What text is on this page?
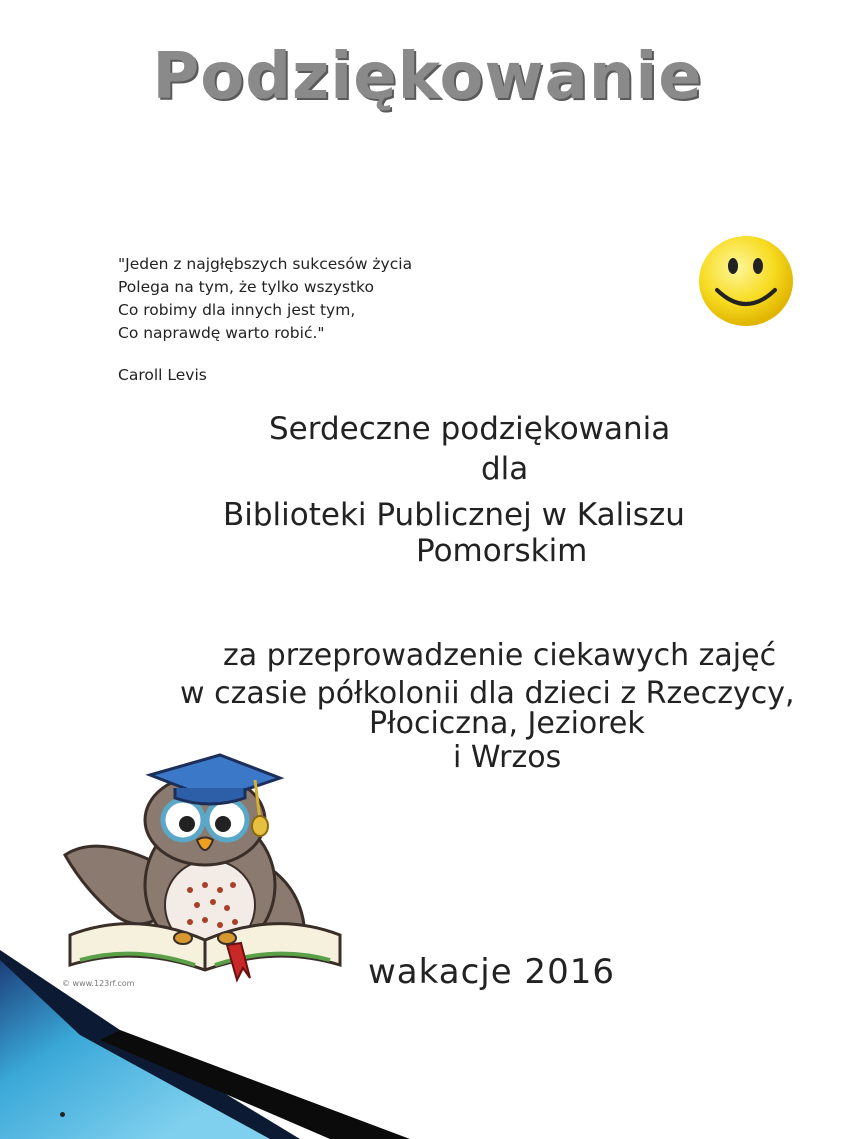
Podziękowanie
"Jeden z najgłębszych sukcesów życia
Polega na tym, że tylko wszystko
Co robimy dla innych jest tym,
Co naprawdę warto robić."
Caroll Levis
Serdeczne podziękowania
dla
Biblioteki Publicznej w Kaliszu
Pomorskim
za przeprowadzenie ciekawych zajęć
w czasie półkolonii dla dzieci z Rzeczycy,
Płociczna, Jeziorek
i Wrzos
© www.123rf.com	wakacje 2016
